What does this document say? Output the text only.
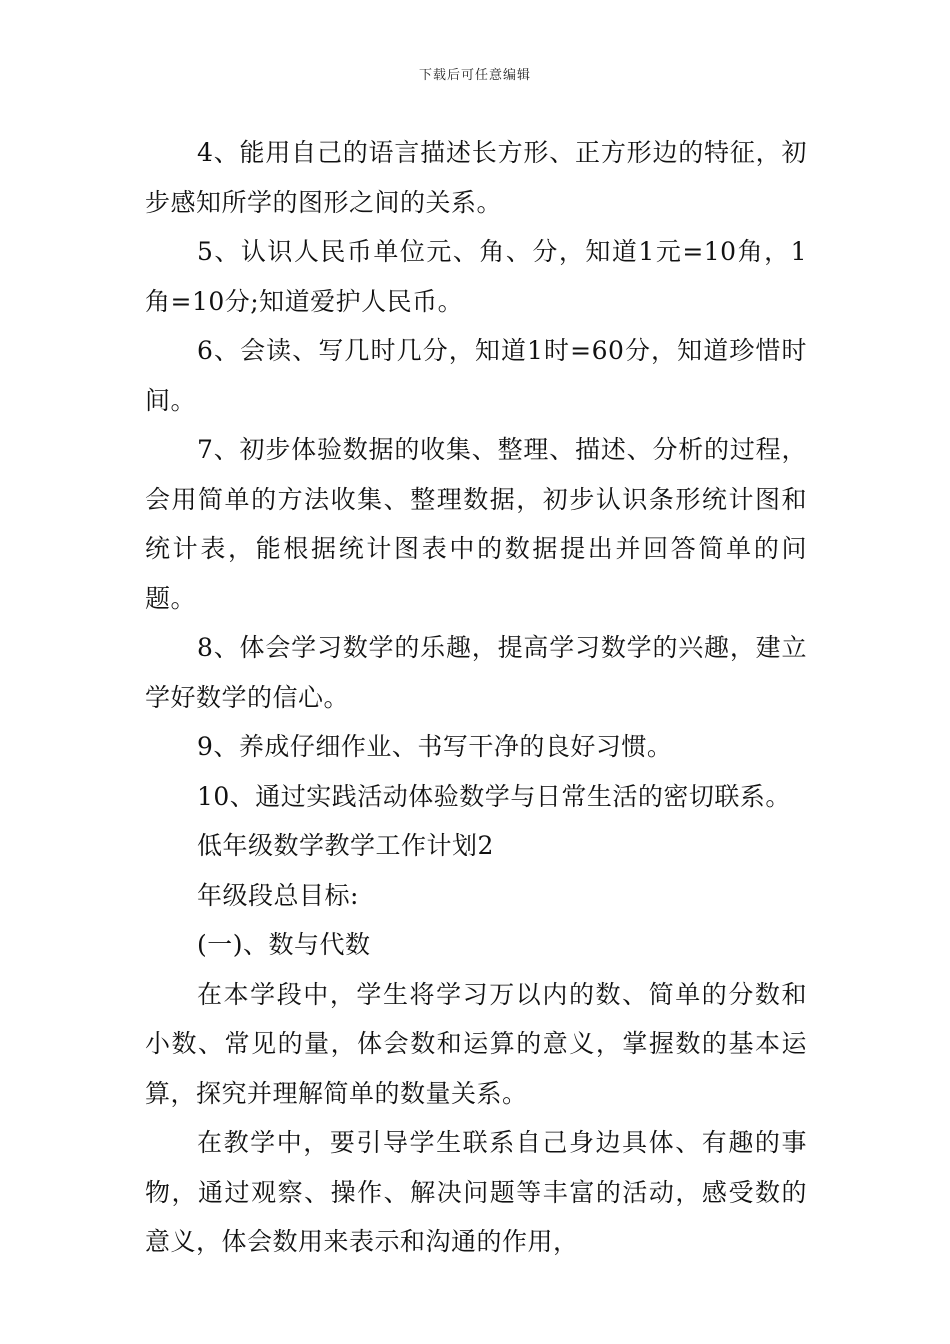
下载后可任意编辑

4、能用自己的语言描述长方形、正方形边的特征，初步感知所学的图形之间的关系。

5、认识人民币单位元、角、分，知道1元=10角，1角=10分;知道爱护人民币。

6、会读、写几时几分，知道1时=60分，知道珍惜时间。

7、初步体验数据的收集、整理、描述、分析的过程，会用简单的方法收集、整理数据，初步认识条形统计图和统计表，能根据统计图表中的数据提出并回答简单的问题。

8、体会学习数学的乐趣，提高学习数学的兴趣，建立学好数学的信心。

9、养成仔细作业、书写干净的良好习惯。

10、通过实践活动体验数学与日常生活的密切联系。

低年级数学教学工作计划2

年级段总目标:

(一)、数与代数

在本学段中，学生将学习万以内的数、简单的分数和小数、常见的量，体会数和运算的意义，掌握数的基本运算，探究并理解简单的数量关系。

在教学中，要引导学生联系自己身边具体、有趣的事物，通过观察、操作、解决问题等丰富的活动，感受数的意义，体会数用来表示和沟通的作用，
